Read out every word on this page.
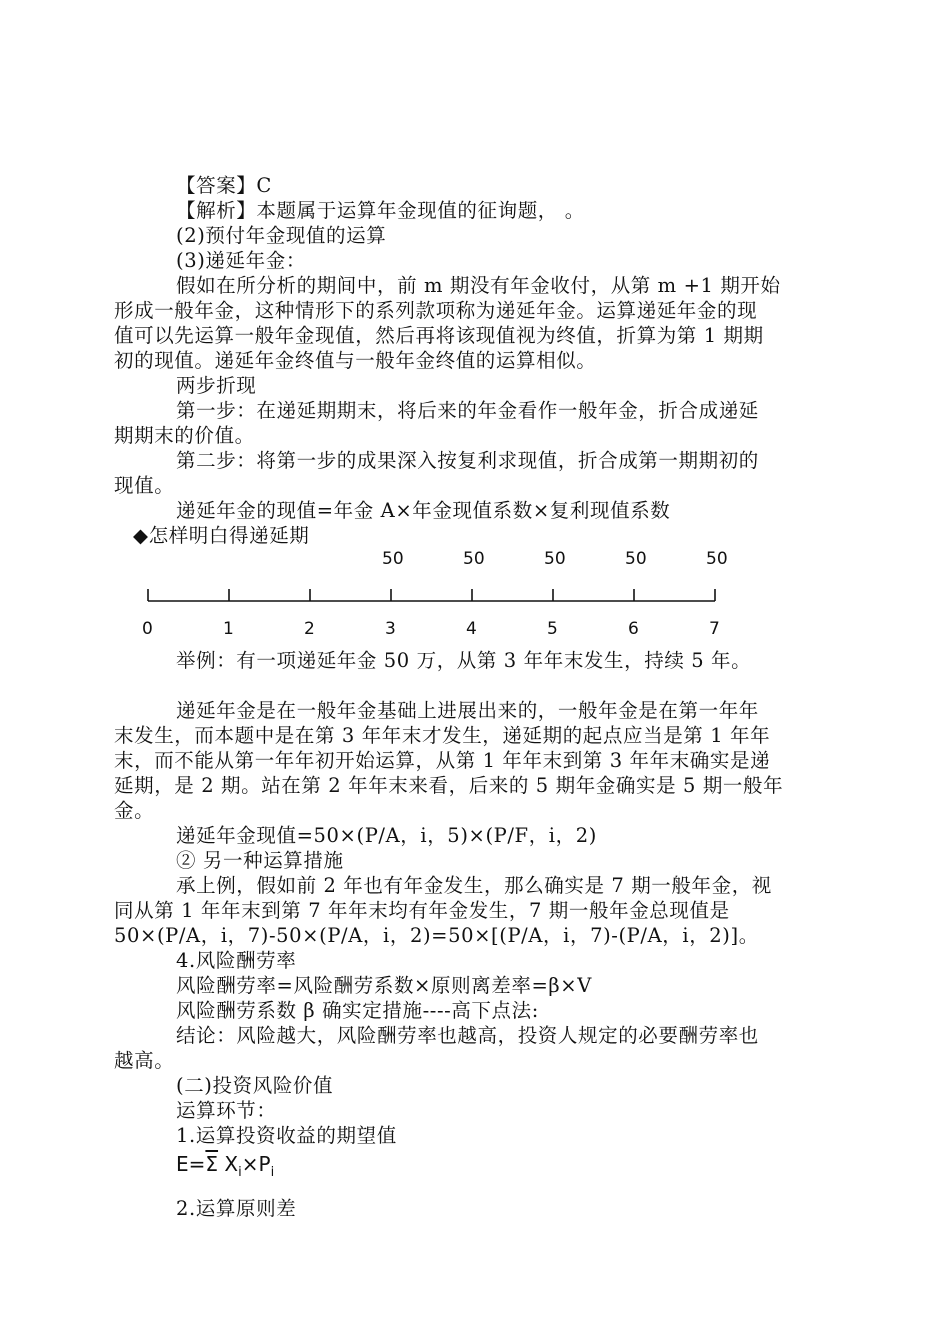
【答案】C
【解析】本题属于运算年金现值的征询题， 。
(2)预付年金现值的运算
(3)递延年金：
假如在所分析的期间中，前 m 期没有年金收付，从第 m +1 期开始
形成一般年金，这种情形下的系列款项称为递延年金。运算递延年金的现
值可以先运算一般年金现值，然后再将该现值视为终值，折算为第 1 期期
初的现值。递延年金终值与一般年金终值的运算相似。
两步折现
第一步：在递延期期末，将后来的年金看作一般年金，折合成递延
期期末的价值。
第二步：将第一步的成果深入按复利求现值，折合成第一期期初的
现值。
递延年金的现值=年金 A×年金现值系数×复利现值系数
◆怎样明白得递延期
0	1	2	3	4	5	6	7
50	50	50	50	50
举例：有一项递延年金 50 万，从第 3 年年末发生，持续 5 年。
递延年金是在一般年金基础上进展出来的，一般年金是在第一年年
末发生，而本题中是在第 3 年年末才发生，递延期的起点应当是第 1 年年
末，而不能从第一年年初开始运算，从第 1 年年末到第 3 年年末确实是递
延期，是 2 期。站在第 2 年年末来看，后来的 5 期年金确实是 5 期一般年
金。
递延年金现值=50×(P/A，i，5)×(P/F，i，2)
② 另一种运算措施
承上例，假如前 2 年也有年金发生，那么确实是 7 期一般年金，视
同从第 1 年年末到第 7 年年末均有年金发生，7 期一般年金总现值是
50×(P/A，i，7)-50×(P/A，i，2)=50×[(P/A，i，7)-(P/A，i，2)]。
4.风险酬劳率
风险酬劳率=风险酬劳系数×原则离差率=β×V
风险酬劳系数 β 确实定措施----高下点法:
结论：风险越大，风险酬劳率也越高，投资人规定的必要酬劳率也
越高。
(二)投资风险价值
运算环节：
1.运算投资收益的期望值
$E=\overline{\Sigma}$ $X_i\times P_i$
2.运算原则差
